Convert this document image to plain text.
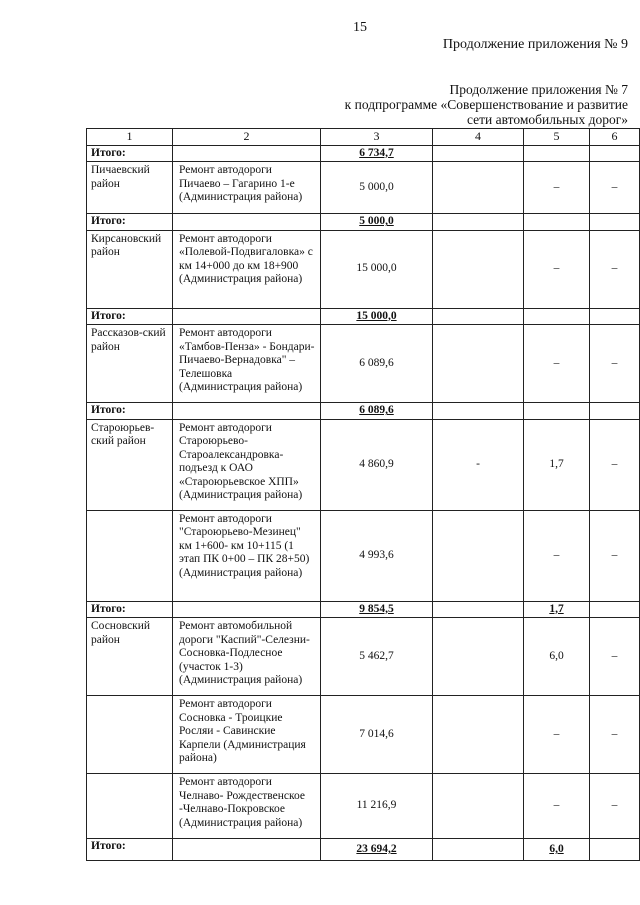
15
Продолжение приложения № 9
Продолжение приложения № 7
к подпрограмме «Совершенствование и развитие
сети автомобильных дорог»
1	2	3	4	5	6
Итого:		6 734,7			
Пичаевский район	Ремонт автодороги Пичаево – Гагарино 1-е (Администрация района)	5 000,0		–	–
Итого:		5 000,0			
Кирсановский район	Ремонт автодороги «Полевой-Подвигаловка» с км 14+000 до км 18+900 (Администрация района)	15 000,0		–	–
Итого:		15 000,0			
Рассказов-ский район	Ремонт автодороги «Тамбов-Пенза» - Бондари-Пичаево-Вернадовка" – Телешовка (Администрация района)	6 089,6		–	–
Итого:		6 089,6			
Староюрьев-ский район	Ремонт автодороги Староюрьево-Староалександровка-подъезд к ОАО «Староюрьевское ХПП» (Администрация района)	4 860,9	-	1,7	–
	Ремонт автодороги "Староюрьево-Мезинец" км 1+600- км 10+115 (1 этап ПК 0+00 – ПК 28+50) (Администрация района)	4 993,6		–	–
Итого:		9 854,5		1,7	
Сосновский район	Ремонт автомобильной дороги "Каспий"-Селезни-Сосновка-Подлесное (участок 1-3) (Администрация района)	5 462,7		6,0	–
	Ремонт автодороги Сосновка - Троицкие Росляи - Савинские Карпели (Администрация района)	7 014,6		–	–
	Ремонт автодороги Челнаво- Рождественское -Челнаво-Покровское (Администрация района)	11 216,9		–	–
Итого:		23 694,2		6,0	
